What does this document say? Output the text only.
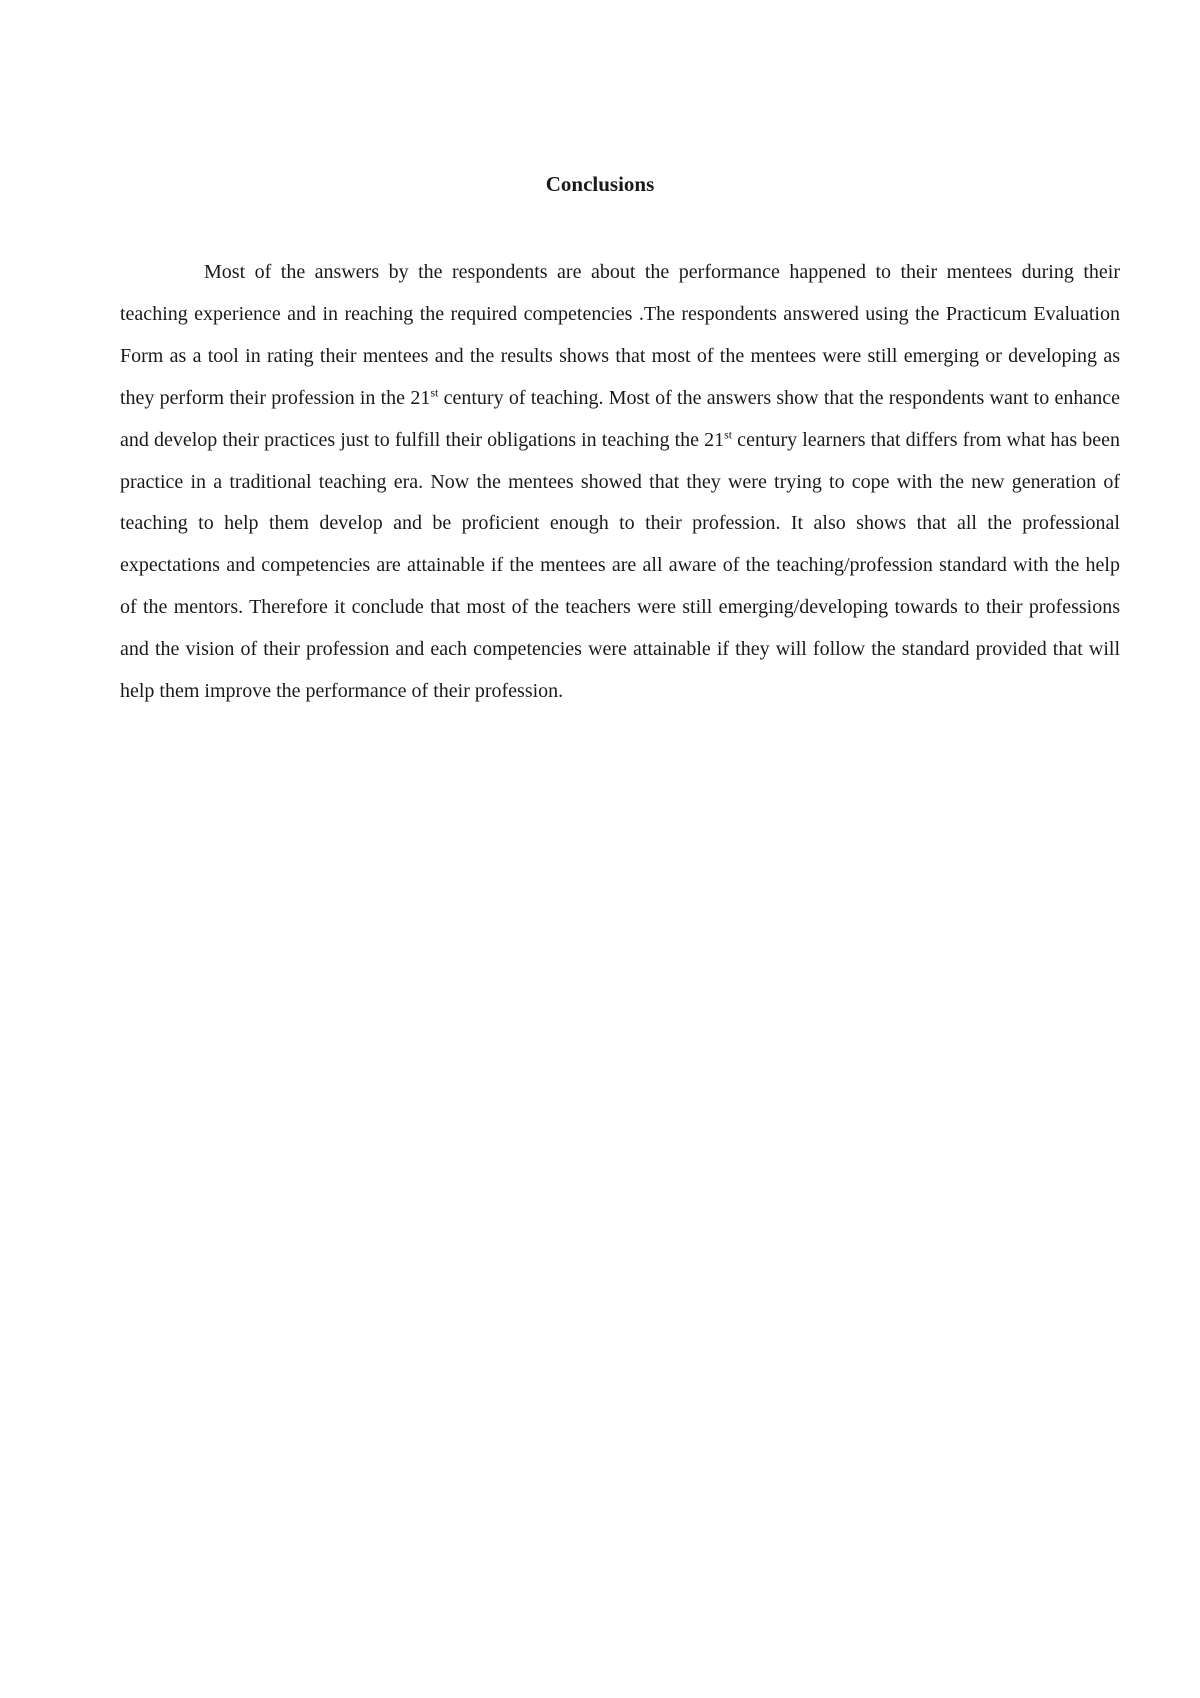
Conclusions

Most of the answers by the respondents are about the performance happened to their mentees during their teaching experience and in reaching the required competencies .The respondents answered using the Practicum Evaluation Form as a tool in rating their mentees and the results shows that most of the mentees were still emerging or developing as they perform their profession in the 21st century of teaching. Most of the answers show that the respondents want to enhance and develop their practices just to fulfill their obligations in teaching the 21st century learners that differs from what has been practice in a traditional teaching era. Now the mentees showed that they were trying to cope with the new generation of teaching to help them develop and be proficient enough to their profession. It also shows that all the professional expectations and competencies are attainable if the mentees are all aware of the teaching/profession standard with the help of the mentors. Therefore it conclude that most of the teachers were still emerging/developing towards to their professions and the vision of their profession and each competencies were attainable if they will follow the standard provided that will help them improve the performance of their profession.
